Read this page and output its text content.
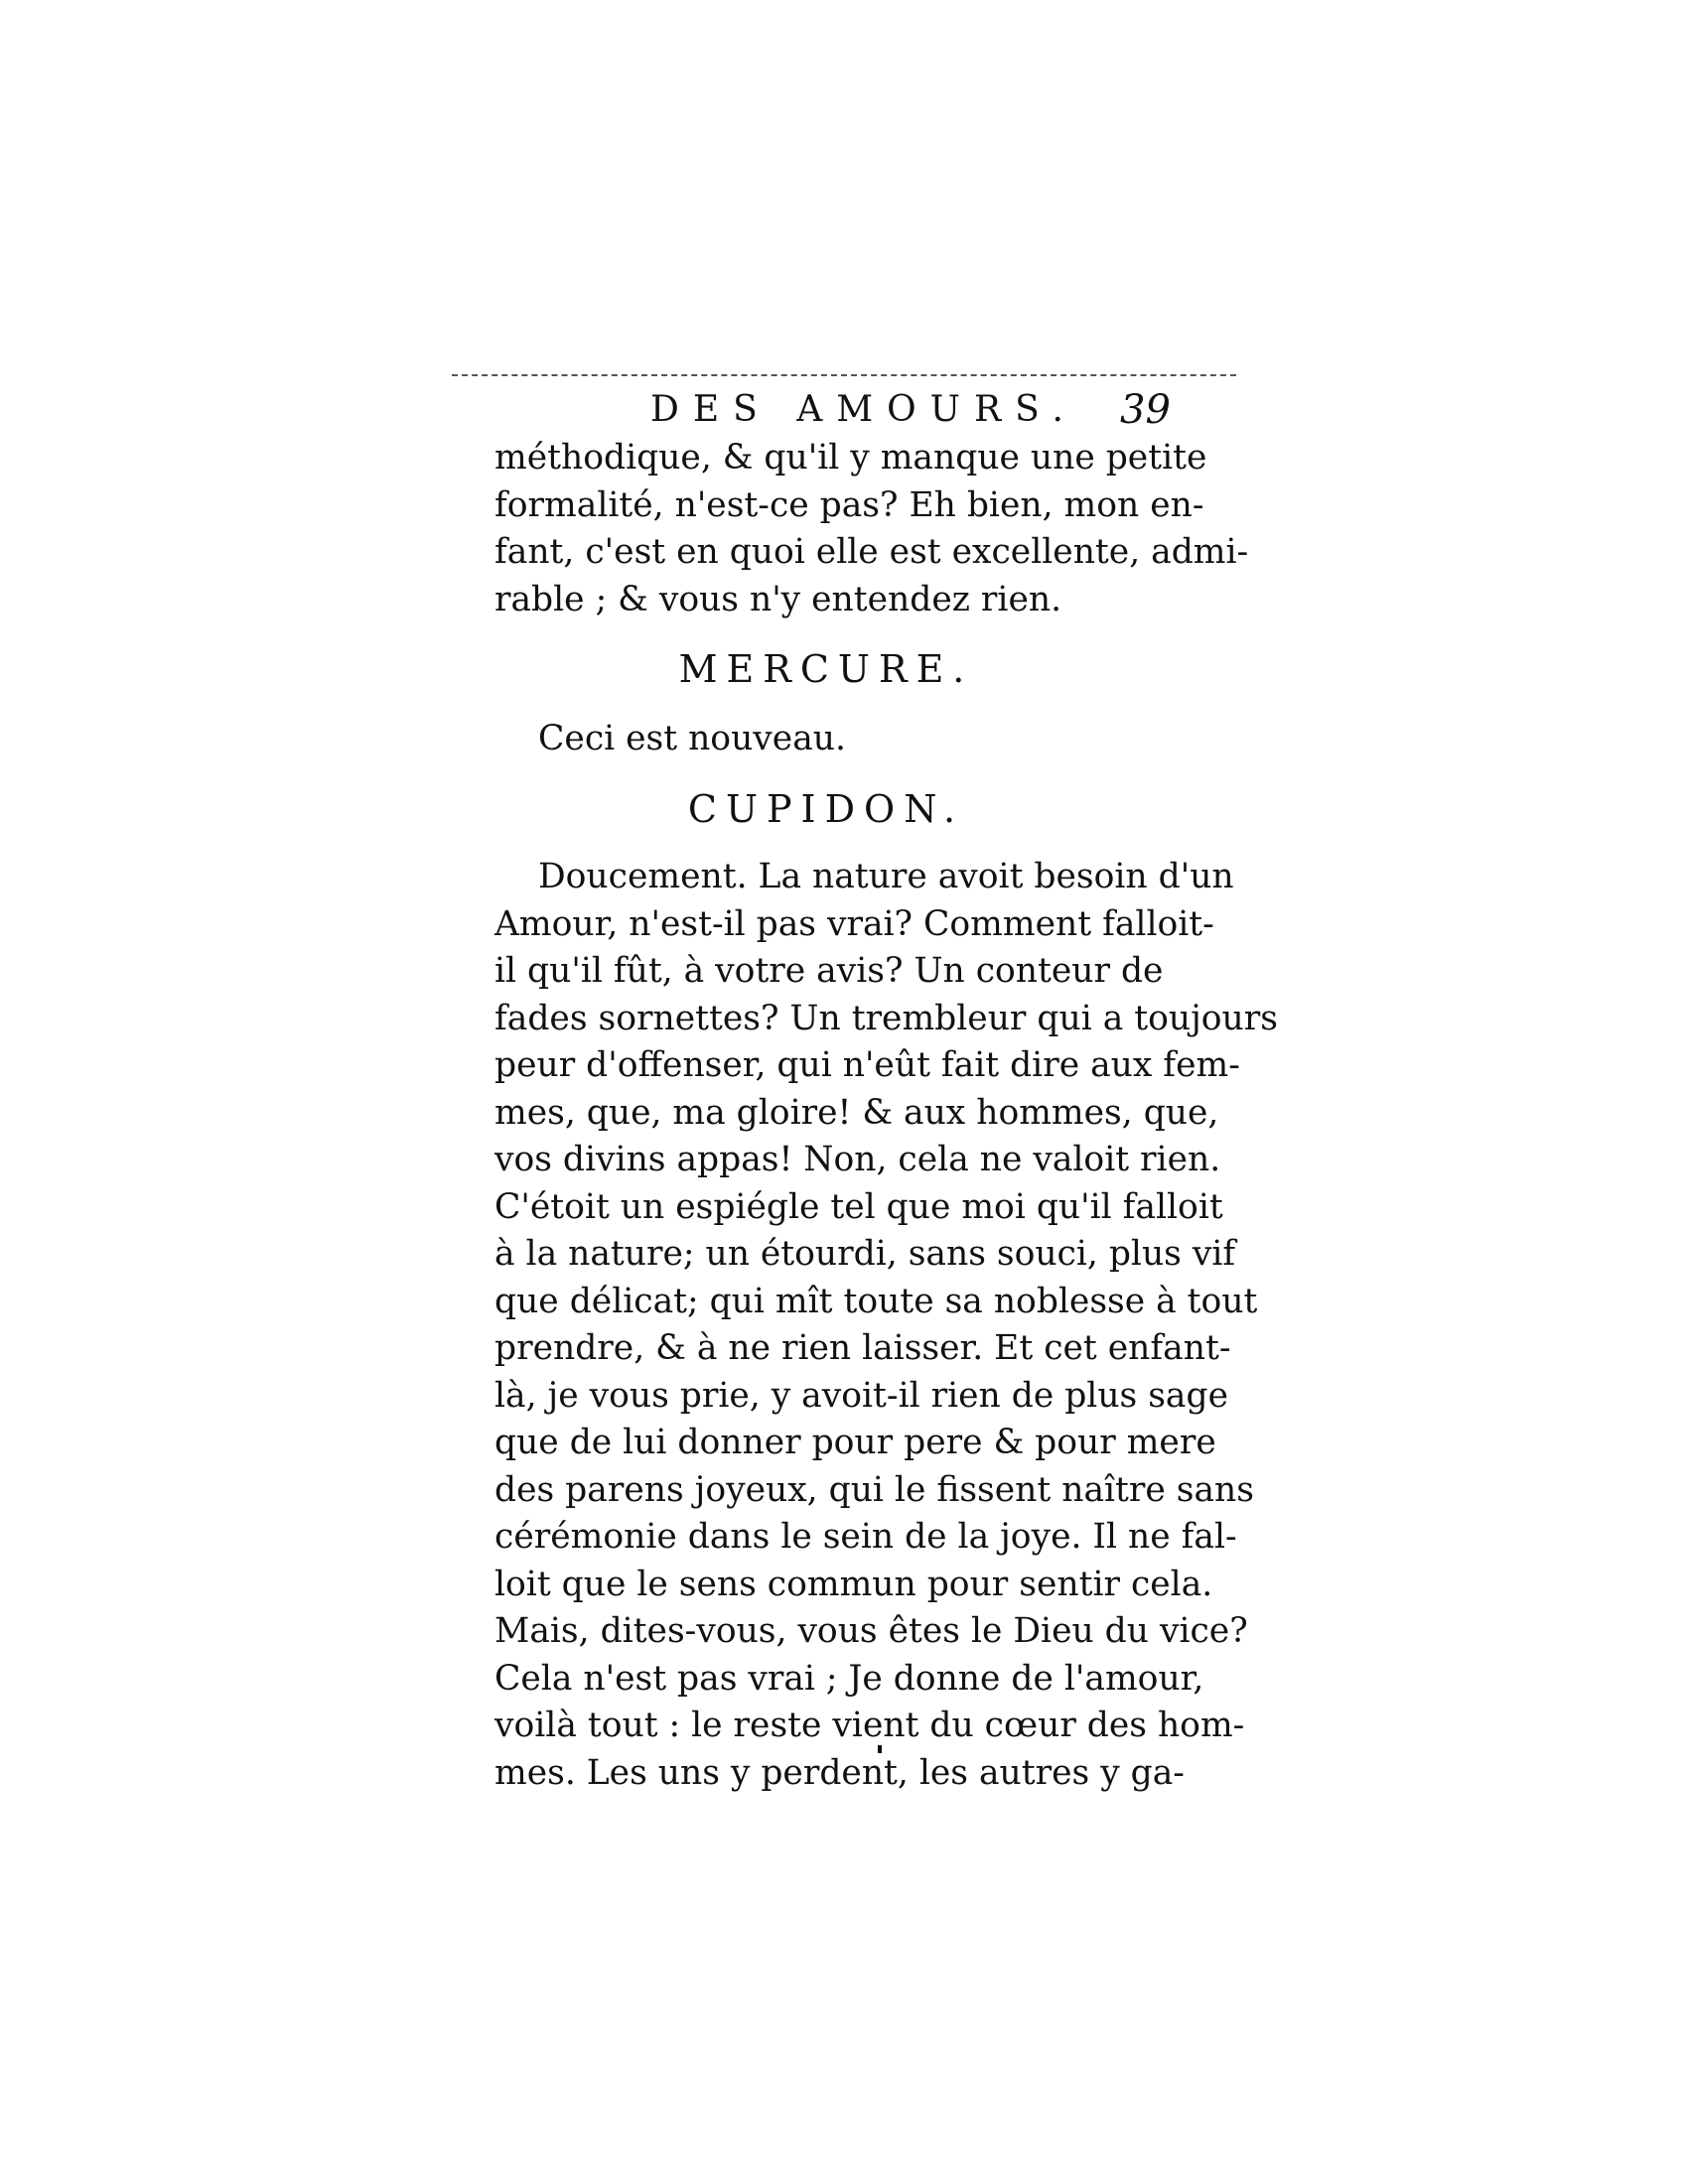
DES AMOURS. 39
méthodique, & qu'il y manque une petite
formalité, n'est-ce pas? Eh bien, mon en-
fant, c'est en quoi elle est excellente, admi-
rable ; & vous n'y entendez rien.
MERCURE.
Ceci est nouveau.
CUPIDON.
Doucement. La nature avoit besoin d'un
Amour, n'est-il pas vrai? Comment falloit-
il qu'il fût, à votre avis? Un conteur de
fades sornettes? Un trembleur qui a toujours
peur d'offenser, qui n'eût fait dire aux fem-
mes, que, ma gloire! & aux hommes, que,
vos divins appas! Non, cela ne valoit rien.
C'étoit un espiégle tel que moi qu'il falloit
à la nature; un étourdi, sans souci, plus vif
que délicat; qui mît toute sa noblesse à tout
prendre, & à ne rien laisser. Et cet enfant-
là, je vous prie, y avoit-il rien de plus sage
que de lui donner pour pere & pour mere
des parens joyeux, qui le fissent naître sans
cérémonie dans le sein de la joye. Il ne fal-
loit que le sens commun pour sentir cela.
Mais, dites-vous, vous êtes le Dieu du vice?
Cela n'est pas vrai ; Je donne de l'amour,
voilà tout : le reste vient du cœur des hom-
mes. Les uns y perdent, les autres y ga-
